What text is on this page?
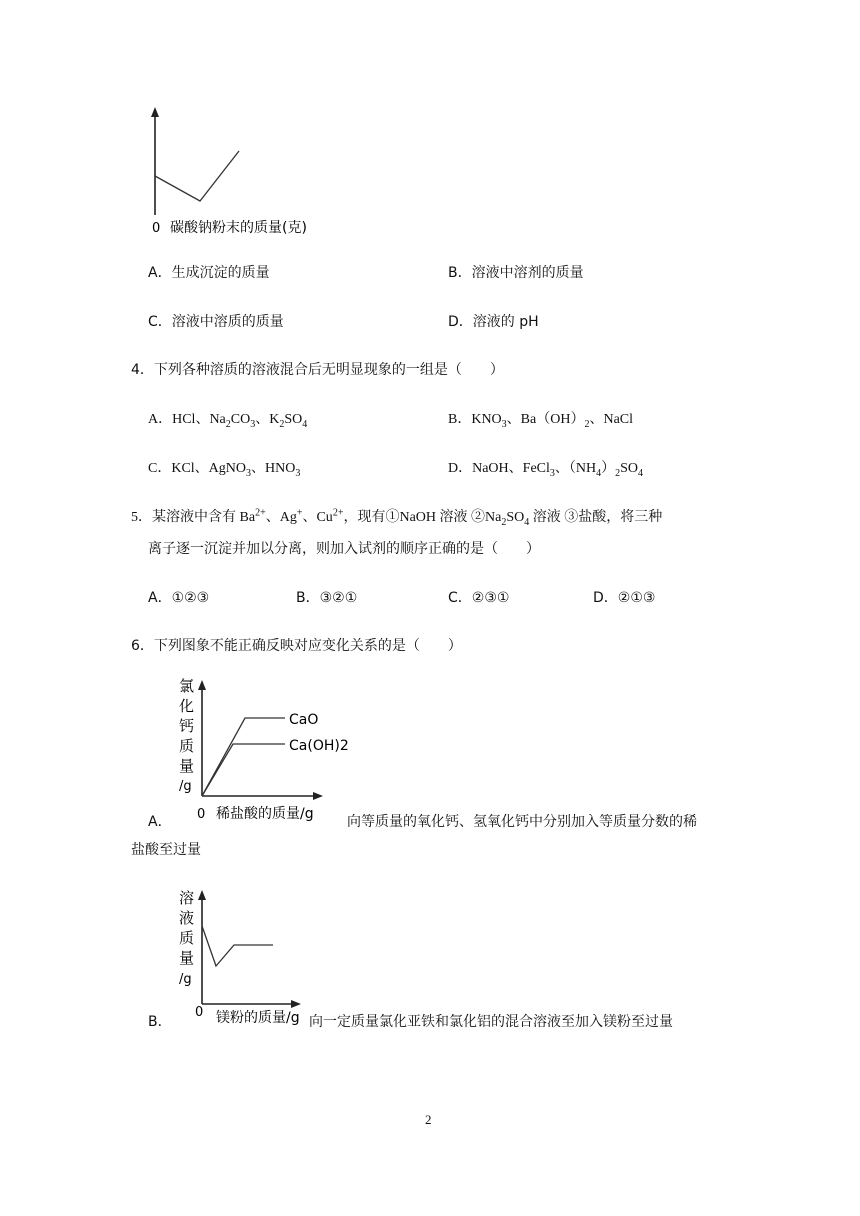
0 碳酸钠粉末的质量(克)
A．生成沉淀的质量	B．溶液中溶剂的质量
C．溶液中溶质的质量	D．溶液的 pH
4．下列各种溶质的溶液混合后无明显现象的一组是（　　）
A．HCl、$Na_2CO_3$、$K_2SO_4$	B．$KNO_3$、$Ba(OH)_2$、NaCl
C．KCl、AgNO$_3$、$HNO_3$	D．NaOH、FeCl$_3$、$(NH_4)_2SO_4$
5．某溶液中含有 $Ba^{2+}$、Ag+、$Cu^{2+}$，现有①NaOH 溶液 $②Na_2SO_4$ 溶液 ③盐酸，将三种
离子逐一沉淀并加以分离，则加入试剂的顺序正确的是（　　）
A．①②③	B．③②①	C．②③①	D．②①③
6．下列图象不能正确反映对应变化关系的是（　　）
氯
化
钙
质
量
/g
CaO
Ca(OH)2
0 稀盐酸的质量/g
A．	向等质量的氧化钙、氢氧化钙中分别加入等质量分数的稀
盐酸至过量
溶
液
质
量
/g
0 镁粉的质量/g
B．	向一定质量氯化亚铁和氯化铝的混合溶液至加入镁粉至过量
2
